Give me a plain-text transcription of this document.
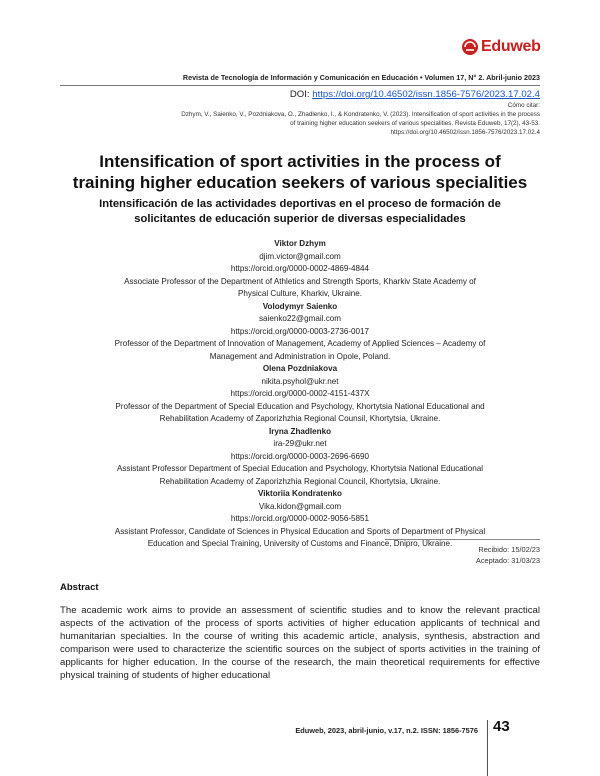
Eduweb
Revista de Tecnología de Información y Comunicación en Educación • Volumen 17, N° 2. Abril-junio 2023
DOI: https://doi.org/10.46502/issn.1856-7576/2023.17.02.4
Cómo citar:
Dzhym, V., Saienko, V., Pozdniakova, O., Zhadlenko, I., & Kondratenko, V. (2023). Intensification of sport activities in the process
of training higher education seekers of various specialities. Revista Eduweb, 17(2), 43-53.
https://doi.org/10.46502/issn.1856-7576/2023.17.02.4
Intensification of sport activities in the process of
training higher education seekers of various specialities
Intensificación de las actividades deportivas en el proceso de formación de
solicitantes de educación superior de diversas especialidades
Viktor Dzhym
djim.victor@gmail.com
https://orcid.org/0000-0002-4869-4844
Associate Professor of the Department of Athletics and Strength Sports, Kharkiv State Academy of
Physical Culture, Kharkiv, Ukraine.
Volodymyr Saienko
saienko22@gmail.com
https://orcid.org/0000-0003-2736-0017
Professor of the Department of Innovation of Management, Academy of Applied Sciences – Academy of
Management and Administration in Opole, Poland.
Olena Pozdniakova
nikita.psyhol@ukr.net
https://orcid.org/0000-0002-4151-437X
Professor of the Department of Special Education and Psychology, Khortytsia National Educational and
Rehabilitation Academy of Zaporizhzhia Regional Counsil, Khortytsia, Ukraine.
Iryna Zhadlenko
ira-29@ukr.net
https://orcid.org/0000-0003-2696-6690
Assistant Professor Department of Special Education and Psychology, Khortytsia National Educational
Rehabilitation Academy of Zaporizhzhia Regional Council, Khortytsia, Ukraine.
Viktoriia Kondratenko
Vika.kidon@gmail.com
https://orcid.org/0000-0002-9056-5851
Assistant Professor, Candidate of Sciences in Physical Education and Sports of Department of Physical
Education and Special Training, University of Customs and Finance, Dnipro, Ukraine.
Recibido: 15/02/23
Aceptado: 31/03/23
Abstract
The academic work aims to provide an assessment of scientific studies and to know the relevant practical aspects of the activation of the process of sports activities of higher education applicants of technical and humanitarian specialties. In the course of writing this academic article, analysis, synthesis, abstraction and comparison were used to characterize the scientific sources on the subject of sports activities in the training of applicants for higher education. In the course of the research, the main theoretical requirements for effective physical training of students of higher educational
Eduweb, 2023, abril-junio, v.17, n.2. ISSN: 1856-7576 43
